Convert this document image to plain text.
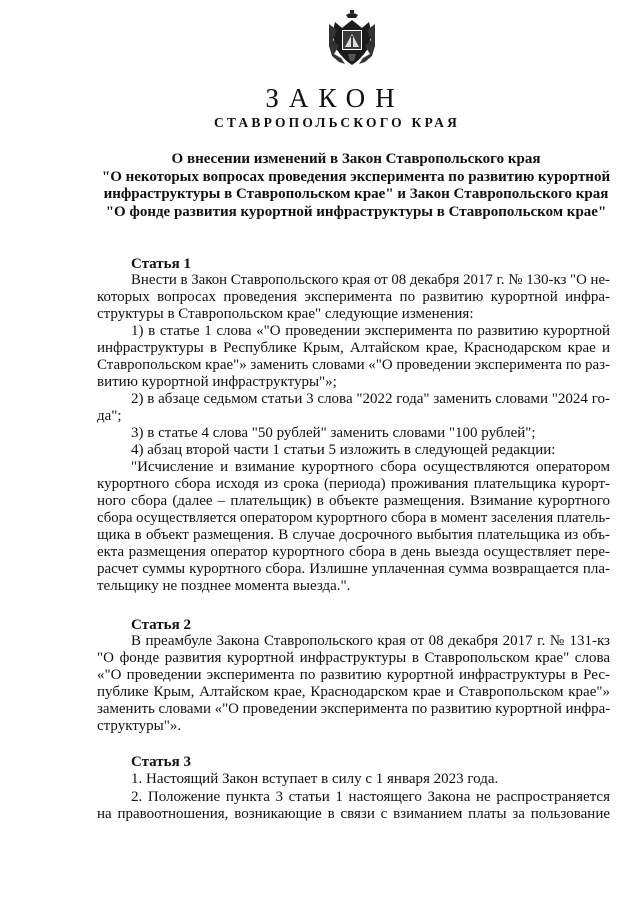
ЗАКОН
СТАВРОПОЛЬСКОГО КРАЯ
О внесении изменений в Закон Ставропольского края
"О некоторых вопросах проведения эксперимента по развитию курортной
инфраструктуры в Ставропольском крае" и Закон Ставропольского края
"О фонде развития курортной инфраструктуры в Ставропольском крае"
Статья 1
Внести в Закон Ставропольского края от 08 декабря 2017 г. № 130-кз "О не-
которых вопросах проведения эксперимента по развитию курортной инфра-
структуры в Ставропольском крае" следующие изменения:
1) в статье 1 слова «"О проведении эксперимента по развитию курортной
инфраструктуры в Республике Крым, Алтайском крае, Краснодарском крае и
Ставропольском крае"» заменить словами «"О проведении эксперимента по раз-
витию курортной инфраструктуры"»;
2) в абзаце седьмом статьи 3 слова "2022 года" заменить словами "2024 го-
да";
3) в статье 4 слова "50 рублей" заменить словами "100 рублей";
4) абзац второй части 1 статьи 5 изложить в следующей редакции:
"Исчисление и взимание курортного сбора осуществляются оператором
курортного сбора исходя из срока (периода) проживания плательщика курорт-
ного сбора (далее – плательщик) в объекте размещения. Взимание курортного
сбора осуществляется оператором курортного сбора в момент заселения платель-
щика в объект размещения. В случае досрочного выбытия плательщика из объ-
екта размещения оператор курортного сбора в день выезда осуществляет пере-
расчет суммы курортного сбора. Излишне уплаченная сумма возвращается пла-
тельщику не позднее момента выезда.".
Статья 2
В преамбуле Закона Ставропольского края от 08 декабря 2017 г. № 131-кз
"О фонде развития курортной инфраструктуры в Ставропольском крае" слова
«"О проведении эксперимента по развитию курортной инфраструктуры в Рес-
публике Крым, Алтайском крае, Краснодарском крае и Ставропольском крае"»
заменить словами «"О проведении эксперимента по развитию курортной инфра-
структуры"».
Статья 3
1. Настоящий Закон вступает в силу с 1 января 2023 года.
2. Положение пункта 3 статьи 1 настоящего Закона не распространяется
на правоотношения, возникающие в связи с взиманием платы за пользование
